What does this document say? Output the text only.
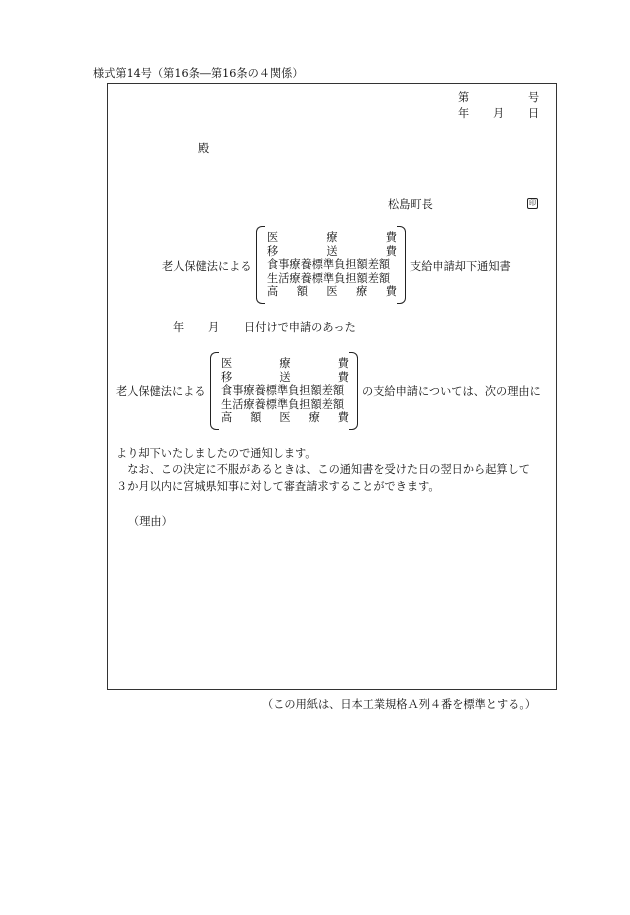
様式第14号（第16条―第16条の４関係）
第	号
年 月 日
殿
松島町長	印
老人保健法による
医	療	費
移	送	費
食事療養標準負担額差額
生活療養標準負担額差額
高 額 医 療 費
支給申請却下通知書
年 月 日付けで申請のあった
老人保健法による
医	療	費
移	送	費
食事療養標準負担額差額
生活療養標準負担額差額
高 額 医 療 費
の支給申請については、次の理由に
より却下いたしましたので通知します。
　なお、この決定に不服があるときは、この通知書を受けた日の翌日から起算して
３か月以内に宮城県知事に対して審査請求することができます。
（理由）
（この用紙は、日本工業規格Ａ列４番を標準とする。）
